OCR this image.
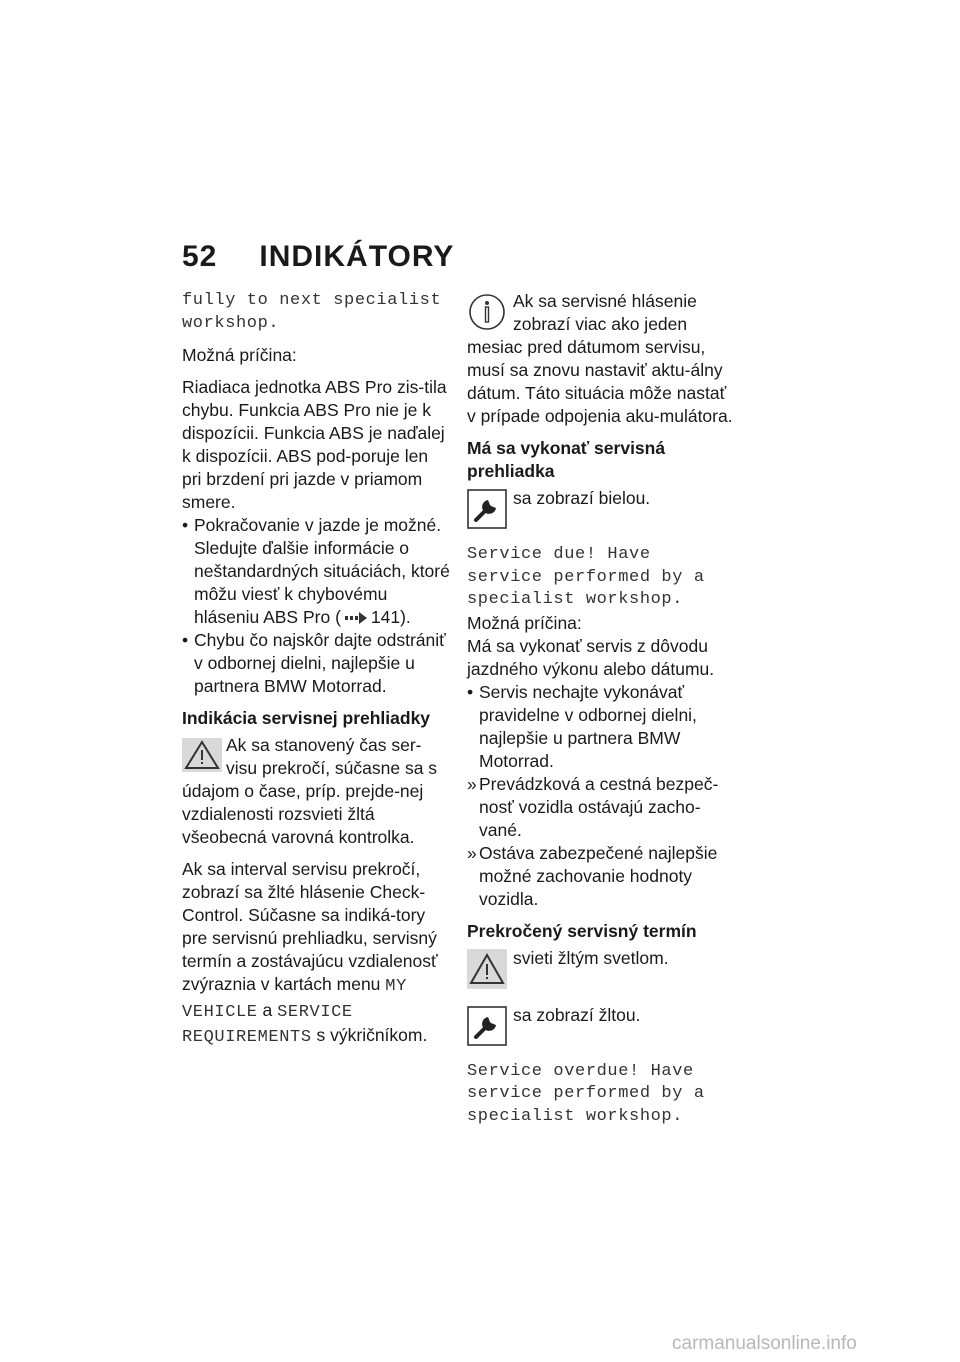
52 INDIKÁTORY
fully to next specialist
workshop.

Možná príčina:

Riadiaca jednotka ABS Pro zis-tila chybu. Funkcia ABS Pro nie je k dispozícii. Funkcia ABS je naďalej k dispozícii. ABS pod-poruje len pri brzdení pri jazde v priamom smere.

• Pokračovanie v jazde je možné. Sledujte ďalšie informácie o neštandardných situáciách, ktoré môžu viesť k chybovému hláseniu ABS Pro ( 141).
• Chybu čo najskôr dajte odstrániť v odbornej dielni, najlepšie u partnera BMW Motorrad.
Indikácia servisnej prehliadky
Ak sa stanovený čas ser-visu prekročí, súčasne sa s údajom o čase, príp. prejde-nej vzdialenosti rozsvieti žltá všeobecná varovná kontrolka.

Ak sa interval servisu prekročí, zobrazí sa žlté hlásenie Check-Control. Súčasne sa indiká-tory pre servisnú prehliadku, servisný termín a zostávajúcu vzdialenosť zvýraznia v kartách menu MY VEHICLE a SERVICE REQUIREMENTS s výkričníkom.

Ak sa servisné hlásenie zobrazí viac ako jeden mesiac pred dátumom servisu, musí sa znovu nastaviť aktu-álny dátum. Táto situácia môže nastať v prípade odpojenia aku-mulátora.
Má sa vykonať servisná prehliadka
sa zobrazí bielou.
Service due! Have
service performed by a
specialist workshop.

Možná príčina:

Má sa vykonať servis z dôvodu jazdného výkonu alebo dátumu.

• Servis nechajte vykonávať pravidelne v odbornej dielni, najlepšie u partnera BMW Motorrad.
» Prevádzková a cestná bezpeč-nosť vozidla ostávajú zacho-vané.
» Ostáva zabezpečené najlepšie možné zachovanie hodnoty vozidla.
Prekročený servisný termín
svieti žltým svetlom.
sa zobrazí žltou.
Service overdue! Have
service performed by a
specialist workshop.
carmanualsonline.info
